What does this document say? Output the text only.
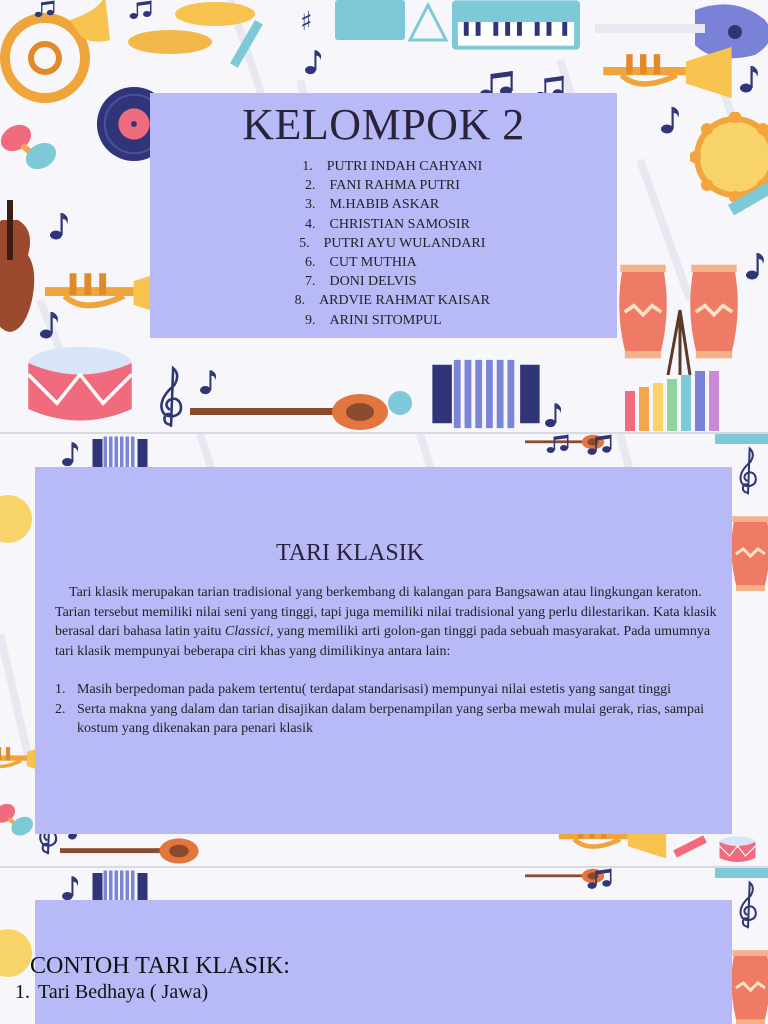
♯
KELOMPOK 2
1. PUTRI INDAH CAHYANI
2. FANI RAHMA PUTRI
3. M.HABIB ASKAR
4. CHRISTIAN SAMOSIR
5. PUTRI AYU WULANDARI
6. CUT MUTHIA
7. DONI DELVIS
8. ARDVIE RAHMAT KAISAR
9. ARINI SITOMPUL
TARI KLASIK

Tari klasik merupakan tarian tradisional yang berkembang di kalangan para Bangsawan atau lingkungan keraton. Tarian tersebut memiliki nilai seni yang tinggi, tapi juga memiliki nilai tradisional yang perlu dilestarikan. Kata klasik berasal dari bahasa latin yaitu Classici, yang memiliki arti golon-gan tinggi pada sebuah masyarakat. Pada umumnya tari klasik mempunyai beberapa ciri khas yang dimilikinya antara lain:

1. Masih berpedoman pada pakem tertentu( terdapat standarisasi) mempunyai nilai estetis yang sangat tinggi
2. Serta makna yang dalam dan tarian disajikan dalam berpenampilan yang serba mewah mulai gerak, rias, sampai kostum yang dikenakan para penari klasik
CONTOH TARI KLASIK:
1. Tari Bedhaya ( Jawa)
